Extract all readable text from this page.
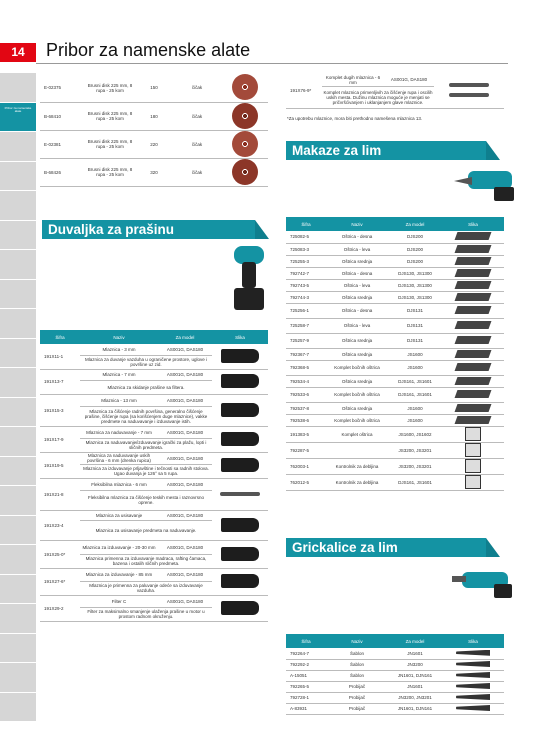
14	Pribor za namenske alate
Pribor za namenske alate
E-02375	Brusni disk 225 mm, 8 rupa - 25 kom	150	čičak	
B-68410	Brusni disk 225 mm, 8 rupa - 25 kom	180	čičak	
E-02381	Brusni disk 225 mm, 8 rupa - 25 kom	220	čičak	
B-68426	Brusni disk 225 mm, 8 rupa - 25 kom	320	čičak	
191X76-9*	Komplet dugih mlaznica - 6 mm	AS001G, DAS180	

Komplet mlaznica primenljivih za čišćenje rupa i oscilih uskih mesta. Dužinu mlaznica moguće je menjati se pričvršćivanjem i uklanjanjem glave mlaznice.
*Za upotrebu mlaznice, mora biti prethodno namešena mlaznica 13.
Makaze za lim
Šifra	Naziv	Za model	Slika
725082-5	Oštrica - desna	DJS200	
725083-3	Oštrica - leva	DJS200	
725255-3	Oštrica srednja	DJS200	
792742-7	Oštrica - desna	DJS130, JS1300	
792743-5	Oštrica - leva	DJS130, JS1300	
792744-3	Oštrica srednja	DJS130, JS1300	
725256-1	Oštrica - desna	DJS131	
725258-7	Oštrica - leva	DJS131	
725257-9	Oštrica srednja	DJS131	
792367-7	Oštrica srednja	JS1600	
792368-5	Komplet bočnih oštrica	JS1600	
792534-4	Oštrica srednja	DJS161, JS1601	
792533-6	Komplet bočnih oštrica	DJS161, JS1601	
792537-8	Oštrica srednja	JS1600	
792538-6	Komplet bočnih oštrica	JS1600	
191383-5	Komplet oštrica	JS1600, JS1602	
792287-5		JS3200, JS3201	
762003-1	Kontrolnik za debljina	JS3200, JS3201	
762012-5	Kontrolnik za debljina	DJS161, JS1601	
Grickalice za lim
Šifra	Naziv	Za model	Slika
792264-7	Šablon	JN1601	
792292-2	Šablon	JN3200	
A-15051	Šablon	JN1601, DJN161	
792265-5	Probijač	JN1601	
792728-1	Probijač	JN3200, JN3201	
A-83931	Probijač	JN1601, DJN161	
Duvaljka za prašinu
Šifra	Naziv	Za model	Slika
191X11-1	Mlaznica - 3 mm	AS001G, DAS180	
	Mlaznica za duvanje vazduha u ograničene prostore, uglove i površine uz zid.		
191X13-7	Mlaznica - 7 mm	AS001G, DAS180	
	Mlaznica za skidanje prašine sa filtera.		
191X15-3	Mlaznica - 13 mm	AS001G, DAS180	
	Mlaznica za čišćenje radnih površina, generalno čišćenje prašine, čišćenje rupa (sa korišćenjem duge mlaznice), vakke predmete na naduvavanje i izduvavanje istih.		
191X17-9	Mlaznica za naduvavanje - 7 mm	AS001G, DAS180	
	Mlaznica za naduvavanje/izduvavanje igrački za plažu, lopti i sličnih predmeta.		
191X19-5	Mlaznica za naduvavanje uskih površina - 6 mm (drenka rupica)	AS001G, DAS180	
	Mlaznica za izduvavanje prljavštine i tečnosti sa radnih stolova. Ugao duvanja je 126° sa 5 rupa.		
191X21-8	Fleksibilna mlaznica - 6 mm	AS001G, DAS180	
	Fleksibilna mlaznica za čišćenje teskih mesta i raznovrsno oprene.		
191X23-4	Mlaznica za usisavanje	AS001G, DAS180	
	Mlaznica za usisavanje predmeta na naduvavanje.		
191X25-0*	Mlaznica za izduvavanje - 20-30 mm	AS001G, DAS180	
	Mlaznica primenna za izduvavanje madraca, rafting čamaca, bazena i ostalih sličnih predmeta.		
191X27-6*	Mlaznica za izduvavanje - 85 mm	AS001G, DAS180	
	Mlaznica je primenna za paluvanje odeće sa izduvavanje vazduha.		
191X29-2	Filter C	AS001G, DAS180	
	Filter za maksimalno smanjenje ulaženja prašine u motor u prostom radnom okruženju.		
